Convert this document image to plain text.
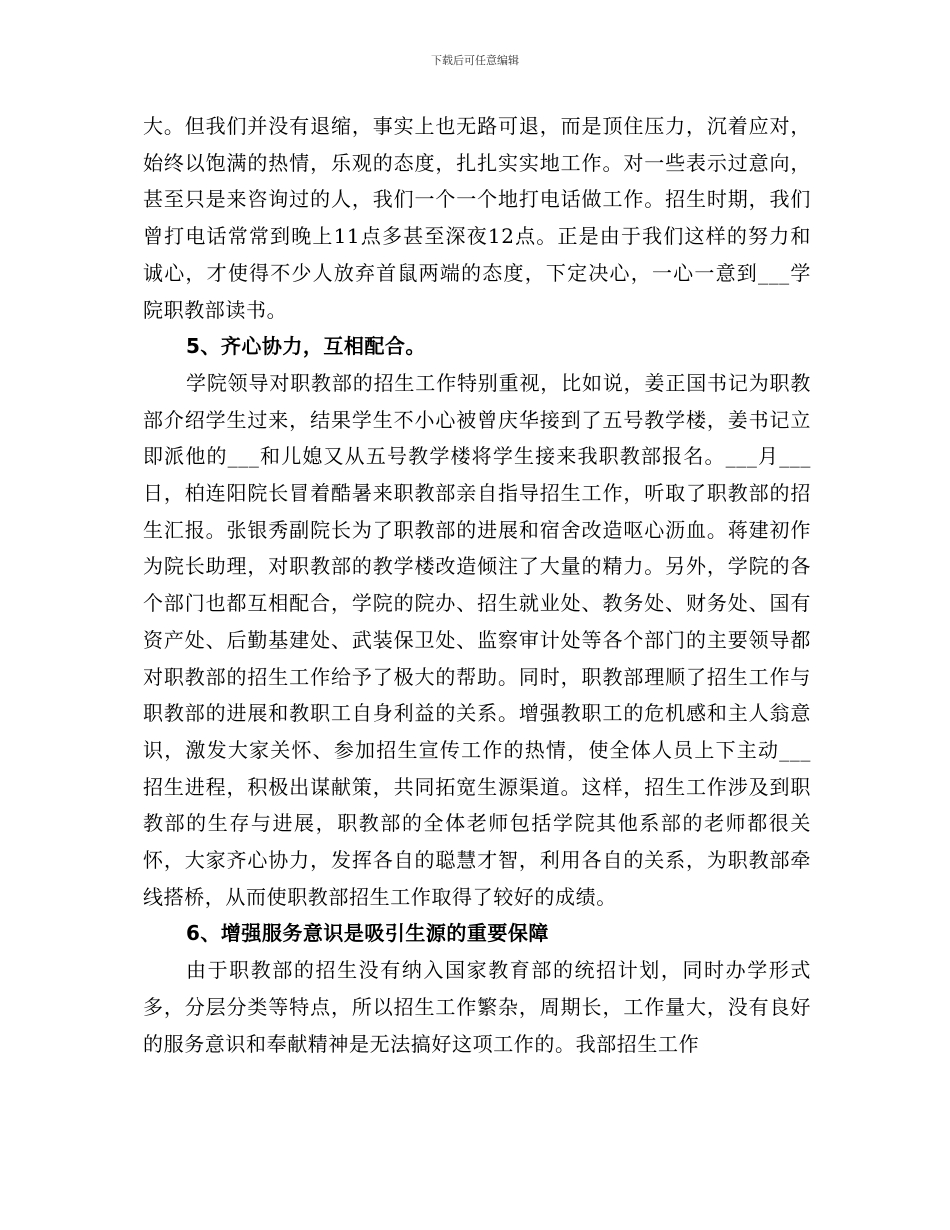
下载后可任意编辑

大。但我们并没有退缩，事实上也无路可退，而是顶住压力，沉着应对，始终以饱满的热情，乐观的态度，扎扎实实地工作。对一些表示过意向，甚至只是来咨询过的人，我们一个一个地打电话做工作。招生时期，我们曾打电话常常到晚上11点多甚至深夜12点。正是由于我们这样的努力和诚心，才使得不少人放弃首鼠两端的态度，下定决心，一心一意到___学院职教部读书。

5、齐心协力，互相配合。

学院领导对职教部的招生工作特别重视，比如说，姜正国书记为职教部介绍学生过来，结果学生不小心被曾庆华接到了五号教学楼，姜书记立即派他的___和儿媳又从五号教学楼将学生接来我职教部报名。___月___日，柏连阳院长冒着酷暑来职教部亲自指导招生工作，听取了职教部的招生汇报。张银秀副院长为了职教部的进展和宿舍改造呕心沥血。蒋建初作为院长助理，对职教部的教学楼改造倾注了大量的精力。另外，学院的各个部门也都互相配合，学院的院办、招生就业处、教务处、财务处、国有资产处、后勤基建处、武装保卫处、监察审计处等各个部门的主要领导都对职教部的招生工作给予了极大的帮助。同时，职教部理顺了招生工作与职教部的进展和教职工自身利益的关系。增强教职工的危机感和主人翁意识，激发大家关怀、参加招生宣传工作的热情，使全体人员上下主动___招生进程，积极出谋献策，共同拓宽生源渠道。这样，招生工作涉及到职教部的生存与进展，职教部的全体老师包括学院其他系部的老师都很关怀，大家齐心协力，发挥各自的聪慧才智，利用各自的关系，为职教部牵线搭桥，从而使职教部招生工作取得了较好的成绩。

6、增强服务意识是吸引生源的重要保障

由于职教部的招生没有纳入国家教育部的统招计划，同时办学形式多，分层分类等特点，所以招生工作繁杂，周期长，工作量大，没有良好的服务意识和奉献精神是无法搞好这项工作的。我部招生工作
